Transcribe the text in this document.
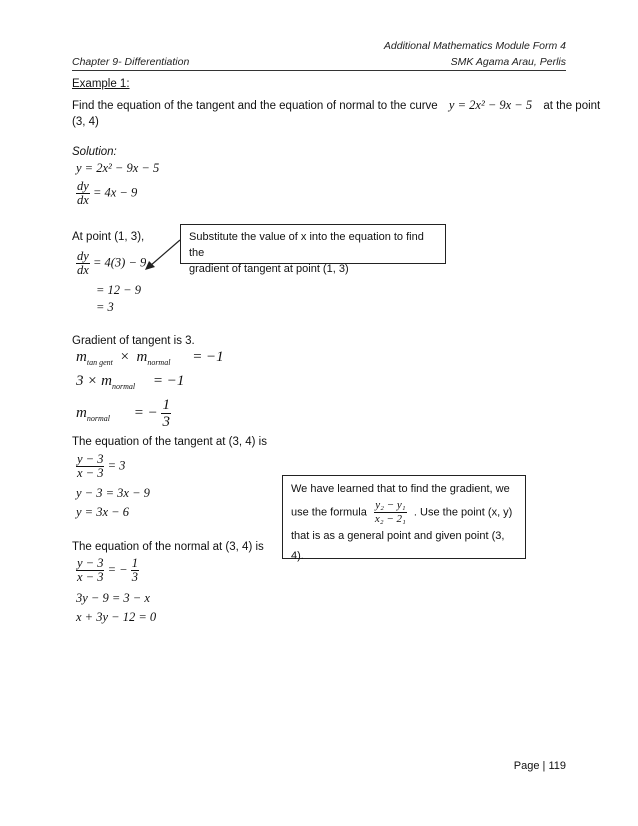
Additional Mathematics Module Form 4
Chapter 9- Differentiation	SMK Agama Arau, Perlis
Example 1:
Find the equation of the tangent and the equation of normal to the curve y = 2x² − 9x − 5 at the point
(3, 4)
Solution:
y = 2x² − 9x − 5
$\frac{dy}{dx} = 4x - 9$
At point (1, 3),
$\frac{dy}{dx} = 4(3) - 9$
= 12 − 9
= 3
Substitute the value of x into the equation to find the
gradient of tangent at point (1, 3)
Gradient of tangent is 3.
$m_{tan gent} \times m_{normal} = -1$
$3 \times m_{normal} = -1$
$m_{normal}$ = − $\frac{1}{3}$
The equation of the tangent at (3, 4) is
$\frac{y - 3}{x - 3} = 3$
y − 3 = 3x − 9
y = 3x − 6
The equation of the normal at (3, 4) is
$\frac{y - 3}{x - 3}$ = − $\frac{1}{3}$
3y − 9 = 3 − x
x + 3y − 12 = 0
We have learned that to find the gradient, we
use the formula $\frac{\text{y₂ − y₁}}{\text{x₂ − 2₁}}$ . Use the point (x, y)
that is as a general point and given point (3, 4).
Page | 119
